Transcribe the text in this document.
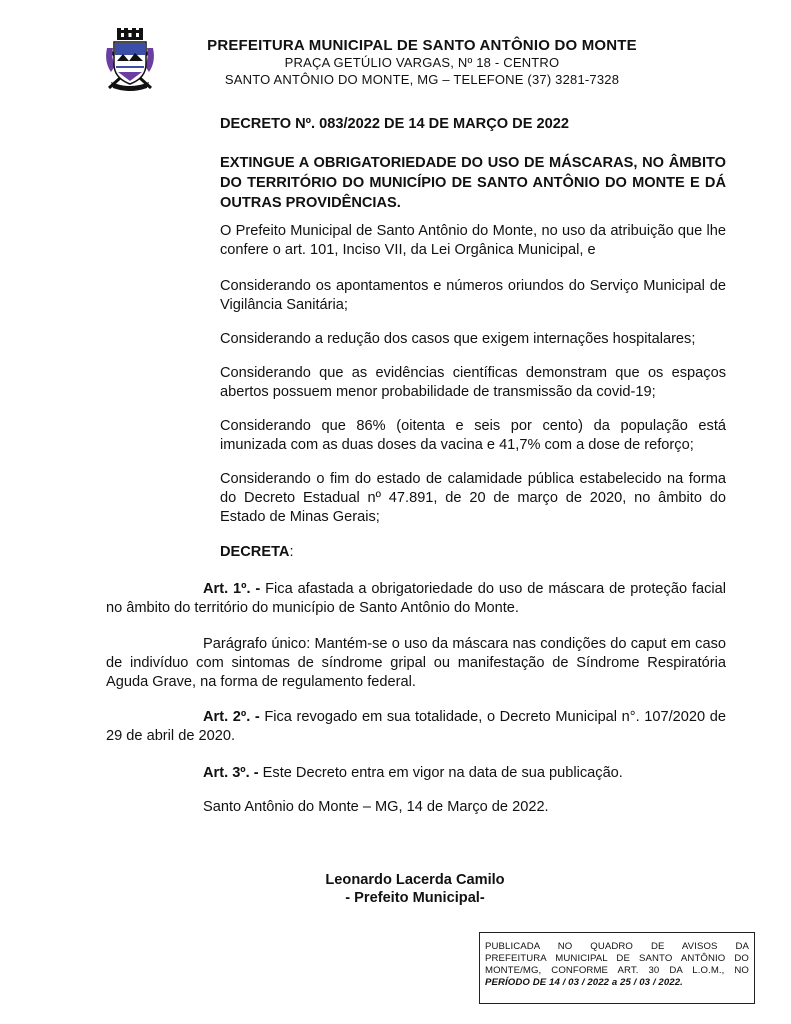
PREFEITURA MUNICIPAL DE SANTO ANTÔNIO DO MONTE
PRAÇA GETÚLIO VARGAS, Nº 18 - CENTRO
SANTO ANTÔNIO DO MONTE, MG – TELEFONE (37) 3281-7328
DECRETO Nº. 083/2022 DE 14 DE MARÇO DE 2022
EXTINGUE A OBRIGATORIEDADE DO USO DE MÁSCARAS, NO ÂMBITO DO TERRITÓRIO DO MUNICÍPIO DE SANTO ANTÔNIO DO MONTE E DÁ OUTRAS PROVIDÊNCIAS.
O Prefeito Municipal de Santo Antônio do Monte, no uso da atribuição que lhe confere o art. 101, Inciso VII, da Lei Orgânica Municipal, e
Considerando os apontamentos e números oriundos do Serviço Municipal de Vigilância Sanitária;
Considerando a redução dos casos que exigem internações hospitalares;
Considerando que as evidências científicas demonstram que os espaços abertos possuem menor probabilidade de transmissão da covid-19;
Considerando que 86% (oitenta e seis por cento) da população está imunizada com as duas doses da vacina e 41,7% com a dose de reforço;
Considerando o fim do estado de calamidade pública estabelecido na forma do Decreto Estadual nº 47.891, de 20 de março de 2020, no âmbito do Estado de Minas Gerais;
DECRETA:
Art. 1º. - Fica afastada a obrigatoriedade do uso de máscara de proteção facial no âmbito do território do município de Santo Antônio do Monte.
Parágrafo único: Mantém-se o uso da máscara nas condições do caput em caso de indivíduo com sintomas de síndrome gripal ou manifestação de Síndrome Respiratória Aguda Grave, na forma de regulamento federal.
Art. 2º. - Fica revogado em sua totalidade, o Decreto Municipal n°. 107/2020 de 29 de abril de 2020.
Art. 3º. - Este Decreto entra em vigor na data de sua publicação.
Santo Antônio do Monte – MG, 14 de Março de 2022.
Leonardo Lacerda Camilo
- Prefeito Municipal-
PUBLICADA NO QUADRO DE AVISOS DA
PREFEITURA MUNICIPAL DE SANTO ANTÔNIO DO
MONTE/MG, CONFORME ART. 30 DA L.O.M., NO
PERÍODO DE 14 / 03 / 2022 a 25 / 03 / 2022.
